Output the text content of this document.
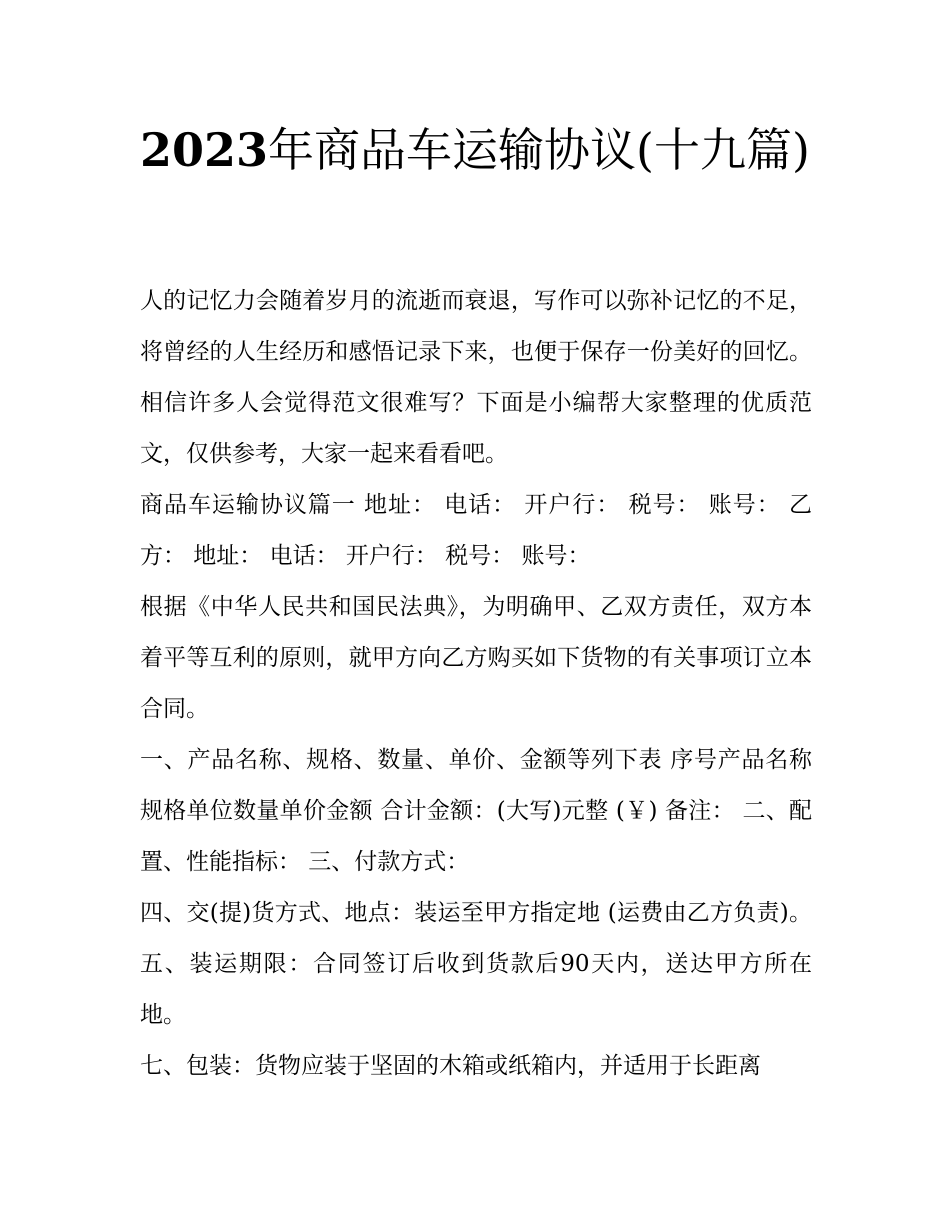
2023年商品车运输协议(十九篇)

人的记忆力会随着岁月的流逝而衰退，写作可以弥补记忆的不足，将曾经的人生经历和感悟记录下来，也便于保存一份美好的回忆。相信许多人会觉得范文很难写？下面是小编帮大家整理的优质范文，仅供参考，大家一起来看看吧。

商品车运输协议篇一 地址： 电话： 开户行： 税号： 账号： 乙方： 地址： 电话： 开户行： 税号： 账号：

根据《中华人民共和国民法典》，为明确甲、乙双方责任，双方本着平等互利的原则，就甲方向乙方购买如下货物的有关事项订立本合同。

一、产品名称、规格、数量、单价、金额等列下表 序号产品名称规格单位数量单价金额 合计金额：(大写)元整 (￥) 备注： 二、配置、性能指标： 三、付款方式：

四、交(提)货方式、地点：装运至甲方指定地 (运费由乙方负责)。 五、装运期限：合同签订后收到货款后90天内，送达甲方所在地。

七、包装：货物应装于坚固的木箱或纸箱内，并适用于长距离
